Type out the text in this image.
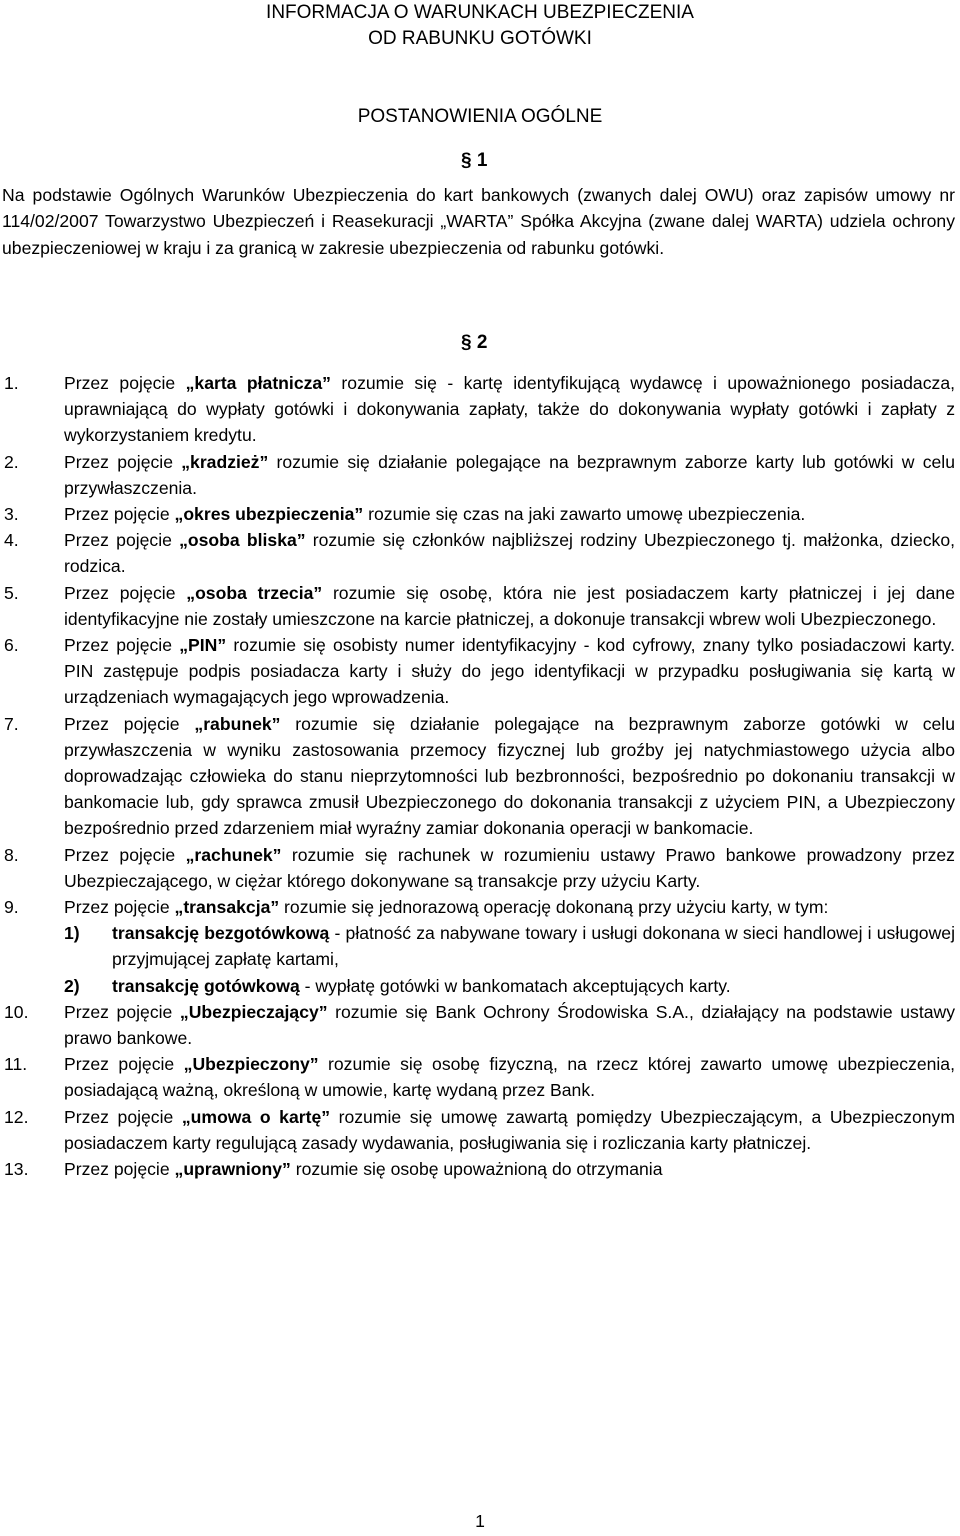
INFORMACJA O WARUNKACH UBEZPIECZENIA
OD RABUNKU GOTÓWKI
POSTANOWIENIA OGÓLNE
§ 1
Na podstawie Ogólnych Warunków Ubezpieczenia do kart bankowych (zwanych dalej OWU) oraz zapisów umowy nr 114/02/2007 Towarzystwo Ubezpieczeń i Reasekuracji „WARTA” Spółka Akcyjna (zwane dalej WARTA) udziela ochrony ubezpieczeniowej w kraju i za granicą w zakresie ubezpieczenia od rabunku gotówki.
§ 2
1.	Przez pojęcie „karta płatnicza” rozumie się - kartę identyfikującą wydawcę i upoważnionego posiadacza, uprawniającą do wypłaty gotówki i dokonywania zapłaty, także do dokonywania wypłaty gotówki i zapłaty z wykorzystaniem kredytu.
2.	Przez pojęcie „kradzież” rozumie się działanie polegające na bezprawnym zaborze karty lub gotówki w celu przywłaszczenia.
3.	Przez pojęcie „okres ubezpieczenia” rozumie się czas na jaki zawarto umowę ubezpieczenia.
4.	Przez pojęcie „osoba bliska” rozumie się członków najbliższej rodziny Ubezpieczonego tj. małżonka, dziecko, rodzica.
5.	Przez pojęcie „osoba trzecia” rozumie się osobę, która nie jest posiadaczem karty płatniczej i jej dane identyfikacyjne nie zostały umieszczone na karcie płatniczej, a dokonuje transakcji wbrew woli Ubezpieczonego.
6.	Przez pojęcie „PIN” rozumie się osobisty numer identyfikacyjny - kod cyfrowy, znany tylko posiadaczowi karty. PIN zastępuje podpis posiadacza karty i służy do jego identyfikacji w przypadku posługiwania się kartą w urządzeniach wymagających jego wprowadzenia.
7.	Przez pojęcie „rabunek” rozumie się działanie polegające na bezprawnym zaborze gotówki w celu przywłaszczenia w wyniku zastosowania przemocy fizycznej lub groźby jej natychmiastowego użycia albo doprowadzając człowieka do stanu nieprzytomności lub bezbronności, bezpośrednio po dokonaniu transakcji w bankomacie lub, gdy sprawca zmusił Ubezpieczonego do dokonania transakcji z użyciem PIN, a Ubezpieczony bezpośrednio przed zdarzeniem miał wyraźny zamiar dokonania operacji w bankomacie.
8.	Przez pojęcie „rachunek” rozumie się rachunek w rozumieniu ustawy Prawo bankowe prowadzony przez Ubezpieczającego, w ciężar którego dokonywane są transakcje przy użyciu Karty.
9.	Przez pojęcie „transakcja” rozumie się jednorazową operację dokonaną przy użyciu karty, w tym:
1) transakcję bezgotówkową - płatność za nabywane towary i usługi dokonana w sieci handlowej i usługowej przyjmującej zapłatę kartami,
2) transakcję gotówkową - wypłatę gotówki w bankomatach akceptujących karty.
10. Przez pojęcie „Ubezpieczający” rozumie się Bank Ochrony Środowiska S.A., działający na podstawie ustawy prawo bankowe.
11. Przez pojęcie „Ubezpieczony” rozumie się osobę fizyczną, na rzecz której zawarto umowę ubezpieczenia, posiadającą ważną, określoną w umowie, kartę wydaną przez Bank.
12. Przez pojęcie „umowa o kartę” rozumie się umowę zawartą pomiędzy Ubezpieczającym, a Ubezpieczonym posiadaczem karty regulującą zasady wydawania, posługiwania się i rozliczania karty płatniczej.
13. Przez pojęcie „uprawniony” rozumie się osobę upoważnioną do otrzymania
1
